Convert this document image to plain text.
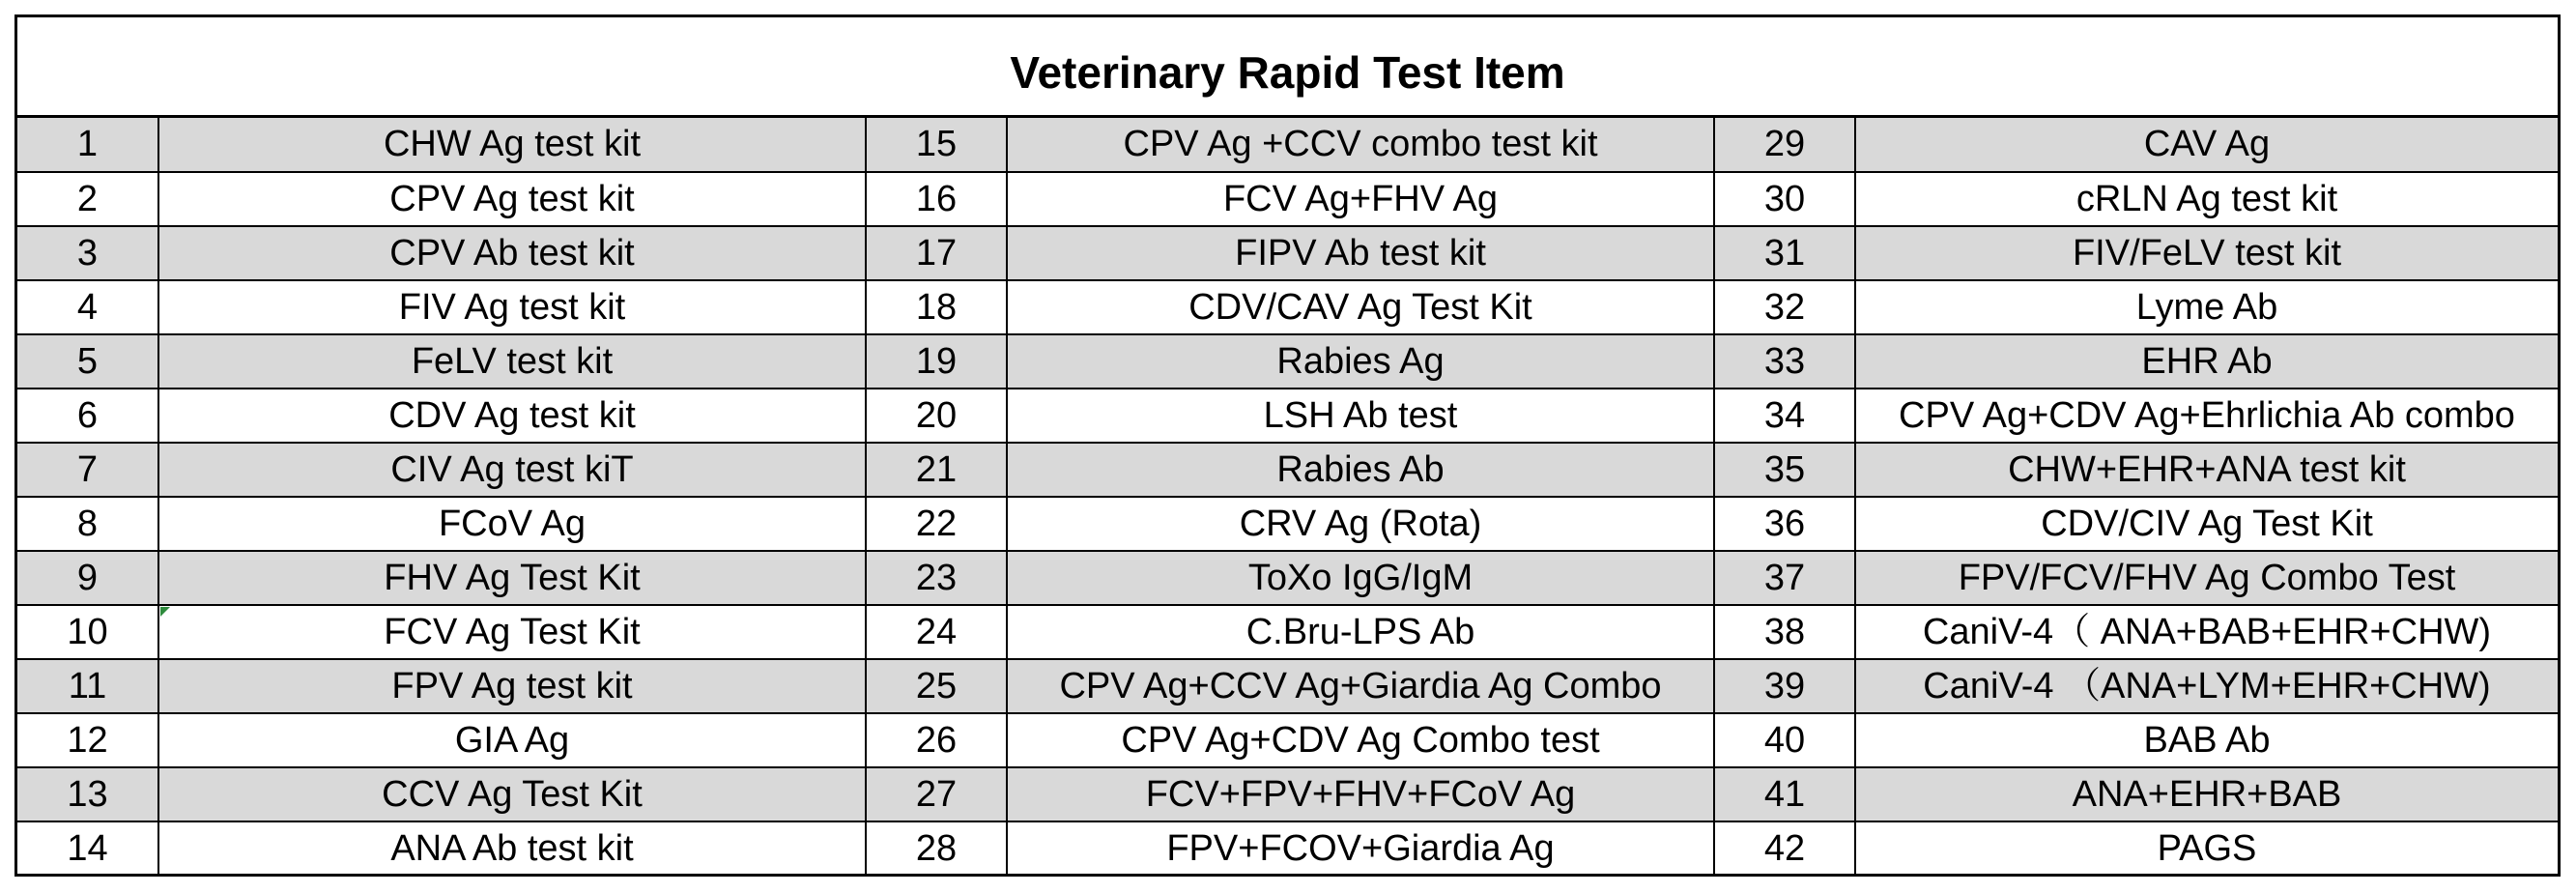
Veterinary Rapid Test Item
1	CHW Ag test kit	15	CPV Ag +CCV combo test kit	29	CAV Ag
2	CPV Ag test kit	16	FCV Ag+FHV Ag	30	cRLN Ag test kit
3	CPV Ab test kit	17	FIPV Ab test kit	31	FIV/FeLV test kit
4	FIV Ag test kit	18	CDV/CAV Ag Test Kit	32	Lyme Ab
5	FeLV test kit	19	Rabies Ag	33	EHR Ab
6	CDV Ag test kit	20	LSH Ab test	34	CPV Ag+CDV Ag+Ehrlichia Ab combo
7	CIV Ag test kiT	21	Rabies Ab	35	CHW+EHR+ANA test kit
8	FCoV Ag	22	CRV Ag (Rota)	36	CDV/CIV Ag Test Kit
9	FHV Ag Test Kit	23	ToXo IgG/IgM	37	FPV/FCV/FHV Ag Combo Test
10	FCV Ag Test Kit	24	C.Bru-LPS Ab	38	CaniV-4（ ANA+BAB+EHR+CHW)
11	FPV Ag test kit	25	CPV Ag+CCV Ag+Giardia Ag Combo	39	CaniV-4 （ANA+LYM+EHR+CHW)
12	GIA Ag	26	CPV Ag+CDV Ag Combo test	40	BAB Ab
13	CCV Ag Test Kit	27	FCV+FPV+FHV+FCoV Ag	41	ANA+EHR+BAB
14	ANA Ab test kit	28	FPV+FCOV+Giardia Ag	42	PAGS
